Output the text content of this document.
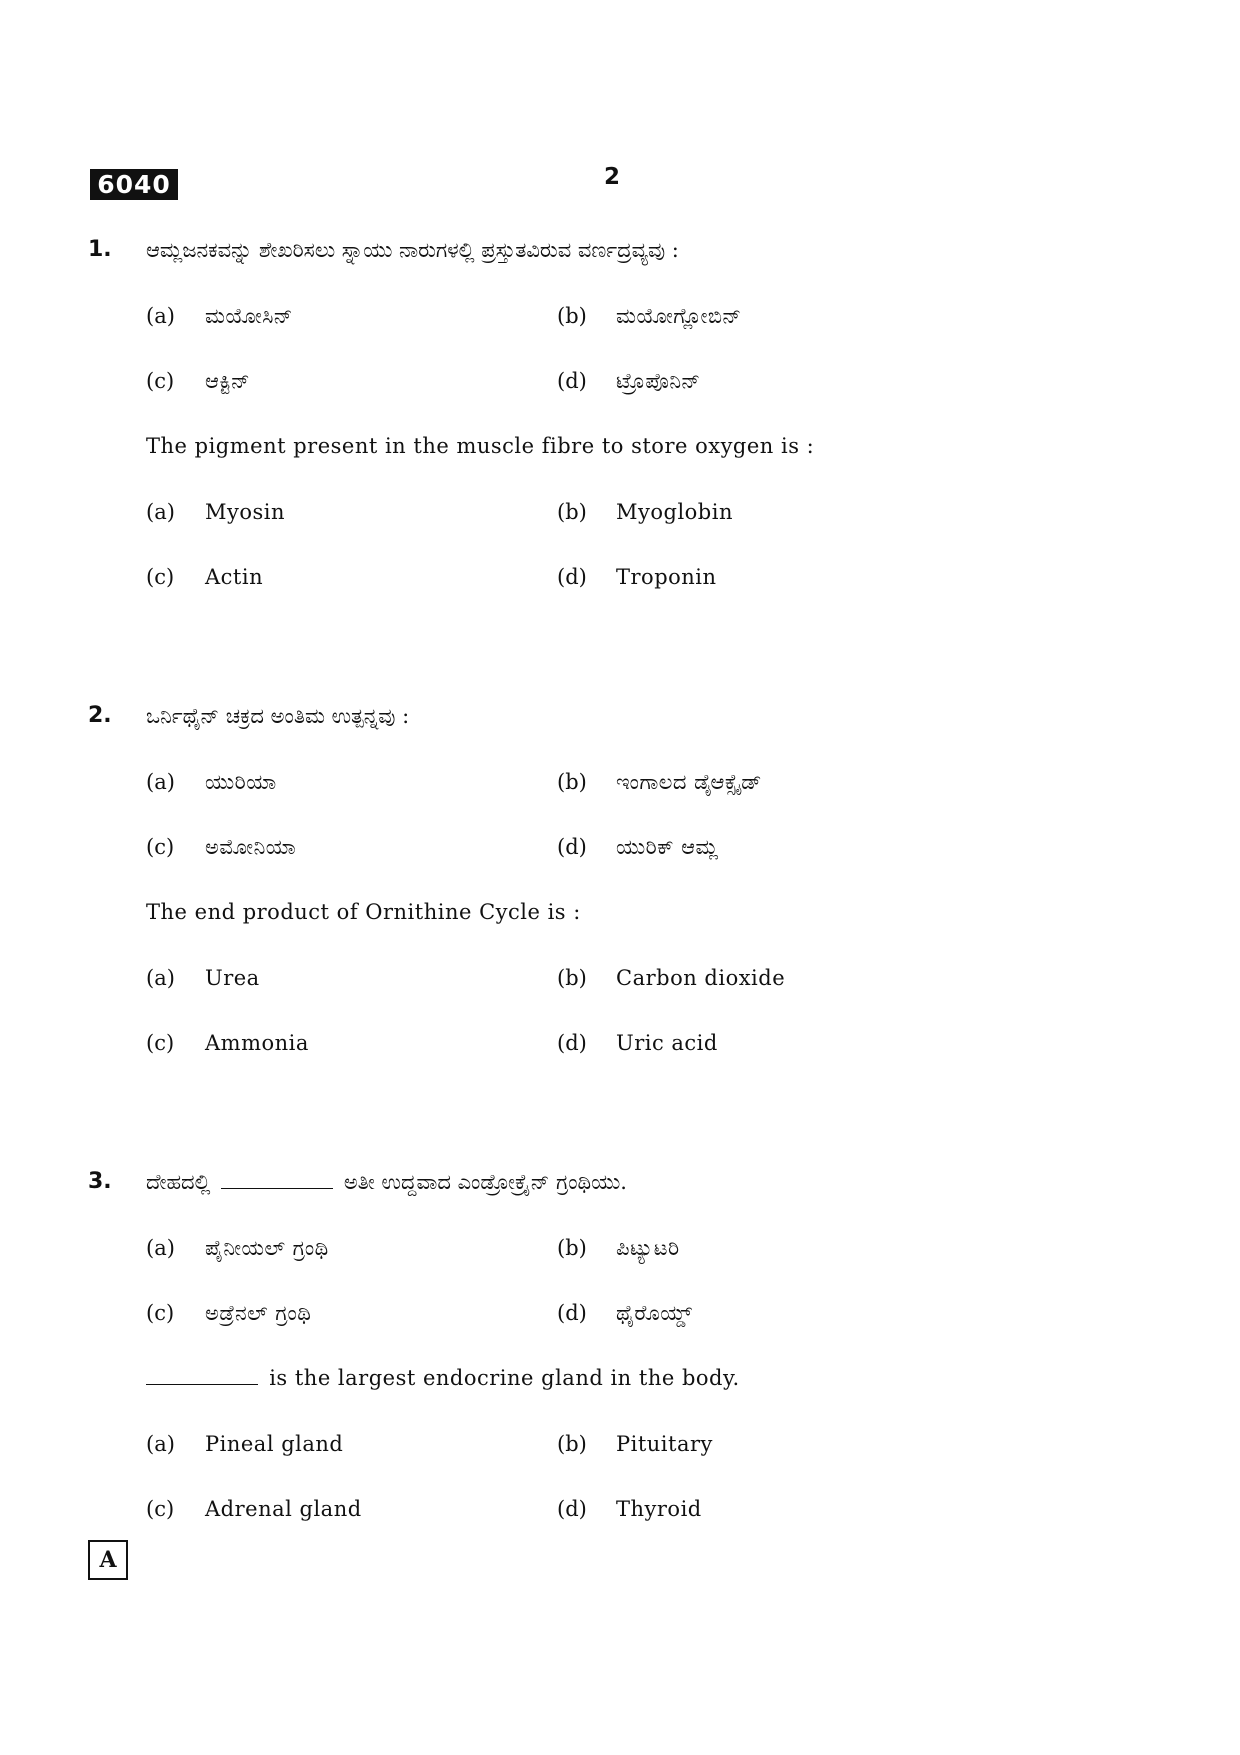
6040	2
1. ಆಮ್ಲಜನಕವನ್ನು ಶೇಖರಿಸಲು ಸ್ನಾಯು ನಾರುಗಳಲ್ಲಿ ಪ್ರಸ್ತುತವಿರುವ ವರ್ಣದ್ರವ್ಯವು :
(a) ಮಯೋಸಿನ್	(b) ಮಯೋಗ್ಲೋಬಿನ್
(c) ಆಕ್ಟಿನ್	(d) ಟ್ರೊಪೊನಿನ್
The pigment present in the muscle fibre to store oxygen is :
(a) Myosin	(b) Myoglobin
(c) Actin	(d) Troponin
2. ಒರ್ನಿಥೈನ್ ಚಕ್ರದ ಅಂತಿಮ ಉತ್ಪನ್ನವು :
(a) ಯುರಿಯಾ	(b) ಇಂಗಾಲದ ಡೈಆಕ್ಸೈಡ್
(c) ಅಮೋನಿಯಾ	(d) ಯುರಿಕ್ ಆಮ್ಲ
The end product of Ornithine Cycle is :
(a) Urea	(b) Carbon dioxide
(c) Ammonia	(d) Uric acid
3. ದೇಹದಲ್ಲಿ	ಅತೀ ಉದ್ದವಾದ ಎಂಡ್ರೋಕ್ರೈನ್ ಗ್ರಂಥಿಯು.
(a) ಪೈನೀಯಲ್ ಗ್ರಂಥಿ	(b) ಪಿಟ್ಯುಟರಿ
(c) ಅಡ್ರೆನಲ್ ಗ್ರಂಥಿ	(d) ಥೈರೊಯ್ಡ್
is the largest endocrine gland in the body.
(a) Pineal gland	(b) Pituitary
(c) Adrenal gland	(d) Thyroid
A
